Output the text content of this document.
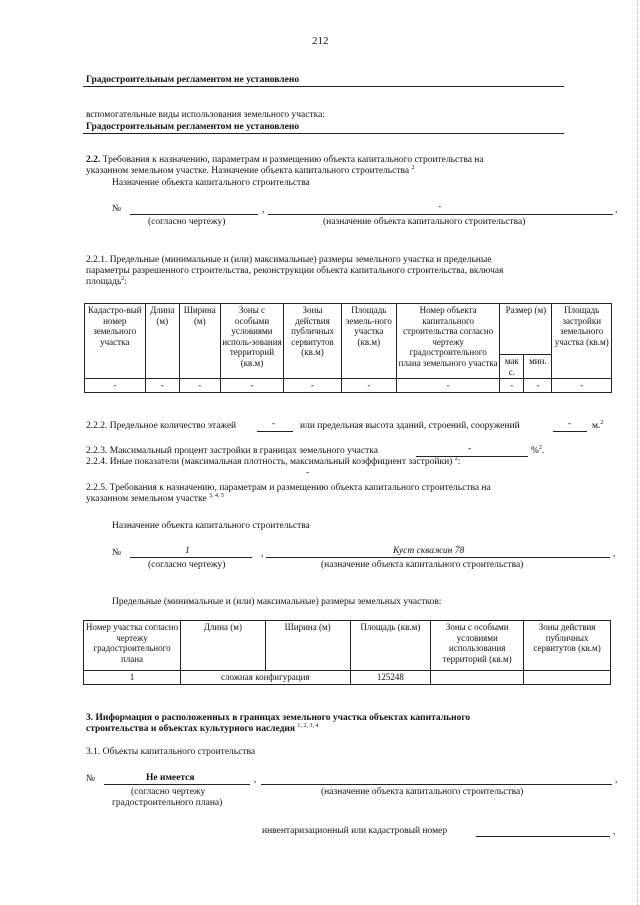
212
Градостроительным регламентом не установлено
вспомогательные виды использования земельного участка:
Градостроительным регламентом не установлено
2.2. Требования к назначению, параметрам и размещению объекта капитального строительства на
указанном земельном участке. Назначение объекта капитального строительства $^2$
Назначение объекта капитального строительства
№	,	-	,
(согласно чертежу)	(назначение объекта капитального строительства)
2.2.1. Предельные (минимальные и (или) максимальные) размеры земельного участка и предельные
параметры разрешенного строительства, реконструкции объекта капитального строительства, включая
площадь$^2$:
Кадастро-вый номер земельного участка	Длина (м)	Ширина (м)	Зоны с особыми условиями исполь-зования территорий (кв.м)	Зоны действия публичных сервитутов (кв.м)	Площадь земель-ного участка (кв.м)	Номер объекта капитального строительства согласно чертежу градостроительного плана земельного участка	Размер (м)		Площадь застройки земельного участка (кв.м)
							мак с.	мин.	
-	-	-	-	-	-	-	-	-	-
2.2.2. Предельное количество этажей	-	или предельная высота зданий, строений, сооружений	- м.$^2$
2.2.3. Максимальный процент застройки в границах земельного участка	-	%$^2$.
2.2.4. Иные показатели (максимальная плотность, максимальный коэффициент застройки) $^2$:
-
2.2.5. Требования к назначению, параметрам и размещению объекта капитального строительства на
указанном земельном участке $^{3, 4, 5}$
Назначение объекта капитального строительства
№	1	,	Куст скважин 78	,
(согласно чертежу)	(назначение объекта капитального строительства)
Предельные (минимальные и (или) максимальные) размеры земельных участков:
Номер участка согласно чертежу градостроительного плана	Длина (м)	Ширина (м)	Площадь (кв.м)	Зоны с особыми условиями использования территорий (кв.м)	Зоны действия публичных сервитутов (кв.м)
1	сложная конфигурация		125248		
3. Информация о расположенных в границах земельного участка объектах капитального
строительства и объектах культурного наследия $^{1, 2, 3, 4}$
3.1. Объекты капитального строительства
№	Не имеется	,	,
(согласно чертежу
градостроительного плана)
(назначение объекта капитального строительства)
инвентаризационный или кадастровый номер	,
